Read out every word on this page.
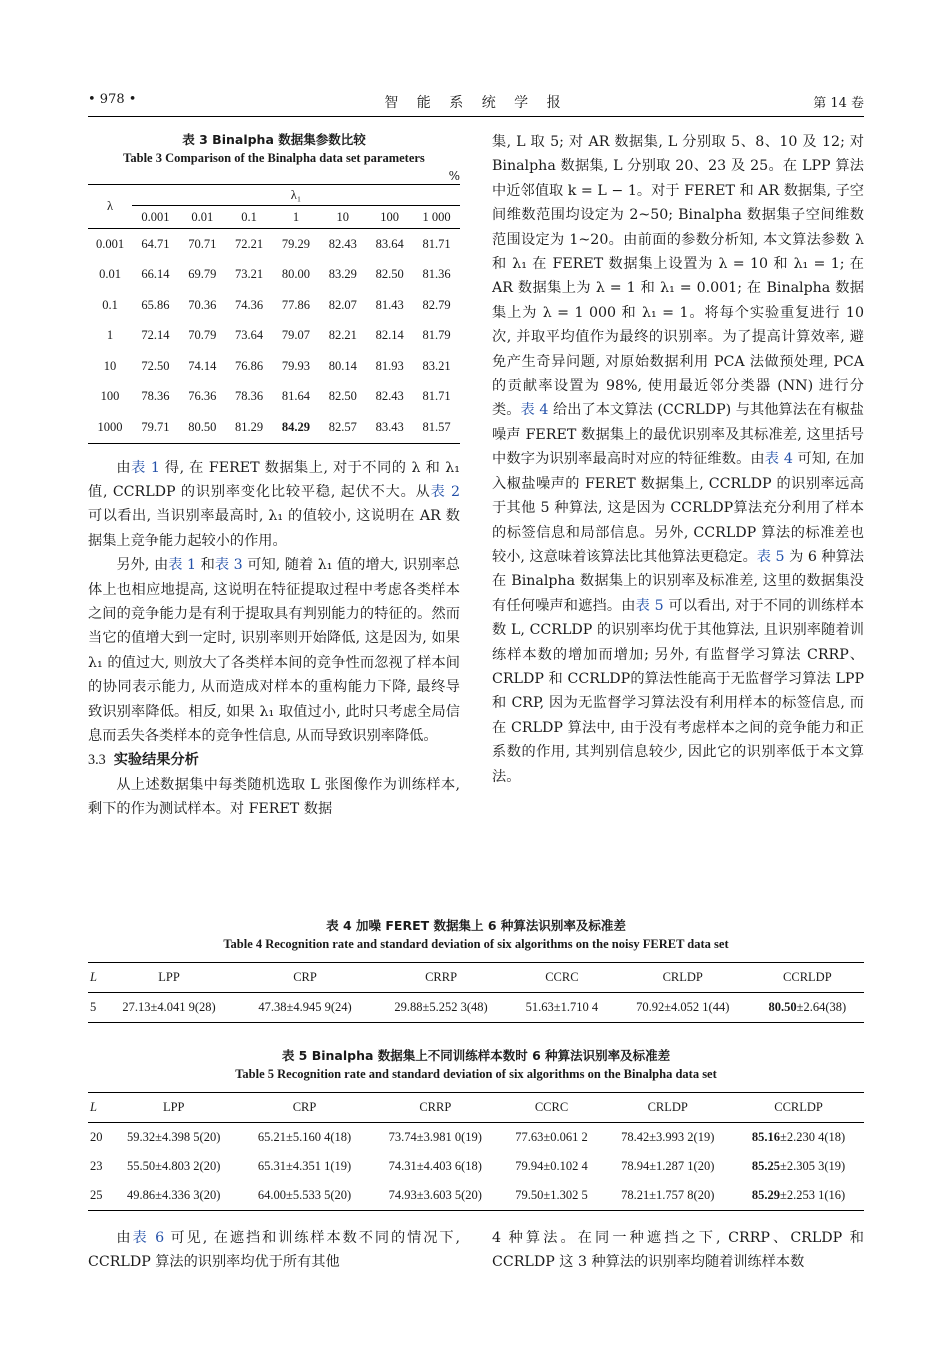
• 978 •	智 能 系 统 学 报	第 14 卷
表 3 Binalpha 数据集参数比较
Table 3 Comparison of the Binalpha data set parameters
%
λ	λ₁						
	0.001	0.01	0.1	1	10	100	1 000
0.001	64.71	70.71	72.21	79.29	82.43	83.64	81.71
0.01	66.14	69.79	73.21	80.00	83.29	82.50	81.36
0.1	65.86	70.36	74.36	77.86	82.07	81.43	82.79
1	72.14	70.79	73.64	79.07	82.21	82.14	81.79
10	72.50	74.14	76.86	79.93	80.14	81.93	83.21
100	78.36	76.36	78.36	81.64	82.50	82.43	81.71
1000	79.71	80.50	81.29	84.29	82.57	83.43	81.57

由表 1 得, 在 FERET 数据集上, 对于不同的 λ 和 λ₁ 值, CCRLDP 的识别率变化比较平稳, 起伏不大。从表 2 可以看出, 当识别率最高时, λ₁ 的值较小, 这说明在 AR 数据集上竞争能力起较小的作用。

另外, 由表 1 和表 3 可知, 随着 λ₁ 值的增大, 识别率总体上也相应地提高, 这说明在特征提取过程中考虑各类样本之间的竞争能力是有利于提取具有判别能力的特征的。然而当它的值增大到一定时, 识别率则开始降低, 这是因为, 如果 λ₁ 的值过大, 则放大了各类样本间的竞争性而忽视了样本间的协同表示能力, 从而造成对样本的重构能力下降, 最终导致识别率降低。相反, 如果 λ₁ 取值过小, 此时只考虑全局信息而丢失各类样本的竞争性信息, 从而导致识别率降低。

3.3 实验结果分析

从上述数据集中每类随机选取 L 张图像作为训练样本, 剩下的作为测试样本。对 FERET 数据

集, L 取 5; 对 AR 数据集, L 分别取 5、8、10 及 12; 对 Binalpha 数据集, L 分别取 20、23 及 25。在 LPP 算法中近邻值取 k = L − 1。对于 FERET 和 AR 数据集, 子空间维数范围均设定为 2~50; Binalpha 数据集子空间维数范围设定为 1~20。由前面的参数分析知, 本文算法参数 λ 和 λ₁ 在 FERET 数据集上设置为 λ = 10 和 λ₁ = 1; 在 AR 数据集上为 λ = 1 和 λ₁ = 0.001; 在 Binalpha 数据集上为 λ = 1 000 和 λ₁ = 1。将每个实验重复进行 10 次, 并取平均值作为最终的识别率。为了提高计算效率, 避免产生奇异问题, 对原始数据利用 PCA 法做预处理, PCA 的贡献率设置为 98%, 使用最近邻分类器 (NN) 进行分类。表 4 给出了本文算法 (CCRLDP) 与其他算法在有椒盐噪声 FERET 数据集上的最优识别率及其标准差, 这里括号中数字为识别率最高时对应的特征维数。由表 4 可知, 在加入椒盐噪声的 FERET 数据集上, CCRLDP 的识别率远高于其他 5 种算法, 这是因为 CCRLDP算法充分利用了样本的标签信息和局部信息。另外, CCRLDP 算法的标准差也较小, 这意味着该算法比其他算法更稳定。表 5 为 6 种算法在 Binalpha 数据集上的识别率及标准差, 这里的数据集没有任何噪声和遮挡。由表 5 可以看出, 对于不同的训练样本数 L, CCRLDP 的识别率均优于其他算法, 且识别率随着训练样本数的增加而增加; 另外, 有监督学习算法 CRRP、CRLDP 和 CCRLDP的算法性能高于无监督学习算法 LPP 和 CRP, 因为无监督学习算法没有利用样本的标签信息, 而在 CRLDP 算法中, 由于没有考虑样本之间的竞争能力和正系数的作用, 其判别信息较少, 因此它的识别率低于本文算法。

表 4 加噪 FERET 数据集上 6 种算法识别率及标准差
Table 4 Recognition rate and standard deviation of six algorithms on the noisy FERET data set
L	LPP	CRP	CRRP	CCRC	CRLDP	CCRLDP
5	27.13±4.041 9(28)	47.38±4.945 9(24)	29.88±5.252 3(48)	51.63±1.710 4	70.92±4.052 1(44)	80.50±2.64(38)
表 5 Binalpha 数据集上不同训练样本数时 6 种算法识别率及标准差
Table 5 Recognition rate and standard deviation of six algorithms on the Binalpha data set
L	LPP	CRP	CRRP	CCRC	CRLDP	CCRLDP
20	59.32±4.398 5(20)	65.21±5.160 4(18)	73.74±3.981 0(19)	77.63±0.061 2	78.42±3.993 2(19)	85.16±2.230 4(18)
23	55.50±4.803 2(20)	65.31±4.351 1(19)	74.31±4.403 6(18)	79.94±0.102 4	78.94±1.287 1(20)	85.25±2.305 3(19)
25	49.86±4.336 3(20)	64.00±5.533 5(20)	74.93±3.603 5(20)	79.50±1.302 5	78.21±1.757 8(20)	85.29±2.253 1(16)

由表 6 可见, 在遮挡和训练样本数不同的情况下, CCRLDP 算法的识别率均优于所有其他

4 种算法。在同一种遮挡之下, CRRP、CRLDP 和 CCRLDP 这 3 种算法的识别率均随着训练样本数
